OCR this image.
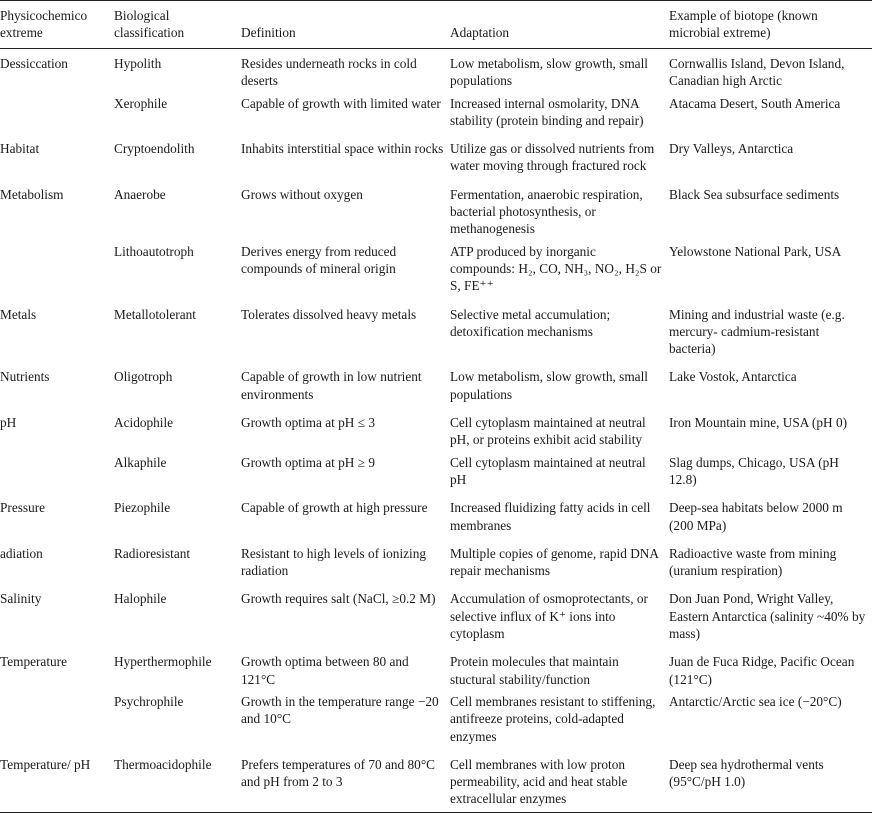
Physicochemico extreme	Biological classification	Definition	Adaptation	Example of biotope (known microbial extreme)

Dessiccation	Hypolith	Resides underneath rocks in cold deserts	Low metabolism, slow growth, small populations	Cornwallis Island, Devon Island, Canadian high Arctic

	Xerophile	Capable of growth with limited water	Increased internal osmolarity, DNA stability (protein binding and repair)	Atacama Desert, South America

Habitat	Cryptoendolith	Inhabits interstitial space within rocks	Utilize gas or dissolved nutrients from water moving through fractured rock	Dry Valleys, Antarctica

Metabolism	Anaerobe	Grows without oxygen	Fermentation, anaerobic respiration, bacterial photosynthesis, or methanogenesis	Black Sea subsurface sediments

	Lithoautotroph	Derives energy from reduced compounds of mineral origin	ATP produced by inorganic compounds: H₂, CO, NH₃, NO₂, H₂S or S, FE⁺⁺	Yelowstone National Park, USA

Metals	Metallotolerant	Tolerates dissolved heavy metals	Selective metal accumulation; detoxification mechanisms	Mining and industrial waste (e.g. mercury- cadmium-resistant bacteria)

Nutrients	Oligotroph	Capable of growth in low nutrient environments	Low metabolism, slow growth, small populations	Lake Vostok, Antarctica

pH	Acidophile	Growth optima at pH ≤ 3	Cell cytoplasm maintained at neutral pH, or proteins exhibit acid stability	Iron Mountain mine, USA (pH 0)

	Alkaphile	Growth optima at pH ≥ 9	Cell cytoplasm maintained at neutral pH	Slag dumps, Chicago, USA (pH 12.8)

Pressure	Piezophile	Capable of growth at high pressure	Increased fluidizing fatty acids in cell membranes	Deep-sea habitats below 2000 m (200 MPa)

adiation	Radioresistant	Resistant to high levels of ionizing radiation	Multiple copies of genome, rapid DNA repair mechanisms	Radioactive waste from mining (uranium respiration)

Salinity	Halophile	Growth requires salt (NaCl, ≥0.2 M)	Accumulation of osmoprotectants, or selective influx of K⁺ ions into cytoplasm	Don Juan Pond, Wright Valley, Eastern Antarctica (salinity ~40% by mass)

Temperature	Hyperthermophile	Growth optima between 80 and 121°C	Protein molecules that maintain stuctural stability/function	Juan de Fuca Ridge, Pacific Ocean (121°C)

	Psychrophile	Growth in the temperature range −20 and 10°C	Cell membranes resistant to stiffening, antifreeze proteins, cold-adapted enzymes	Antarctic/Arctic sea ice (−20°C)

Temperature/ pH	Thermoacidophile	Prefers temperatures of 70 and 80°C and pH from 2 to 3	Cell membranes with low proton permeability, acid and heat stable extracellular enzymes	Deep sea hydrothermal vents (95°C/pH 1.0)
